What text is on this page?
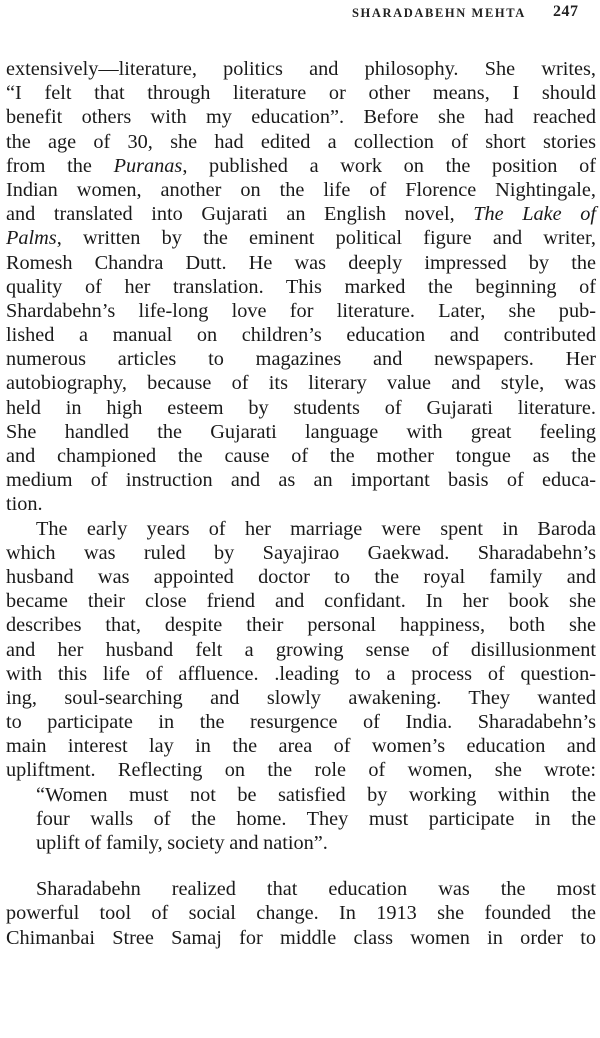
SHARADABEHN MEHTA 247
extensively—literature, politics and philosophy. She writes,
“I felt that through literature or other means, I should
benefit others with my education”. Before she had reached
the age of 30, she had edited a collection of short stories
from the Puranas, published a work on the position of
Indian women, another on the life of Florence Nightingale,
and translated into Gujarati an English novel, The Lake of
Palms, written by the eminent political figure and writer,
Romesh Chandra Dutt. He was deeply impressed by the
quality of her translation. This marked the beginning of
Shardabehn’s life-long love for literature. Later, she pub-
lished a manual on children’s education and contributed
numerous articles to magazines and newspapers. Her
autobiography, because of its literary value and style, was
held in high esteem by students of Gujarati literature.
She handled the Gujarati language with great feeling
and championed the cause of the mother tongue as the
medium of instruction and as an important basis of educa-
tion.
The early years of her marriage were spent in Baroda
which was ruled by Sayajirao Gaekwad. Sharadabehn’s
husband was appointed doctor to the royal family and
became their close friend and confidant. In her book she
describes that, despite their personal happiness, both she
and her husband felt a growing sense of disillusionment
with this life of affluence. .leading to a process of question-
ing, soul-searching and slowly awakening. They wanted
to participate in the resurgence of India. Sharadabehn’s
main interest lay in the area of women’s education and
upliftment. Reflecting on the role of women, she wrote:
“Women must not be satisfied by working within the
four walls of the home. They must participate in the
uplift of family, society and nation”.
Sharadabehn realized that education was the most
powerful tool of social change. In 1913 she founded the
Chimanbai Stree Samaj for middle class women in order to
